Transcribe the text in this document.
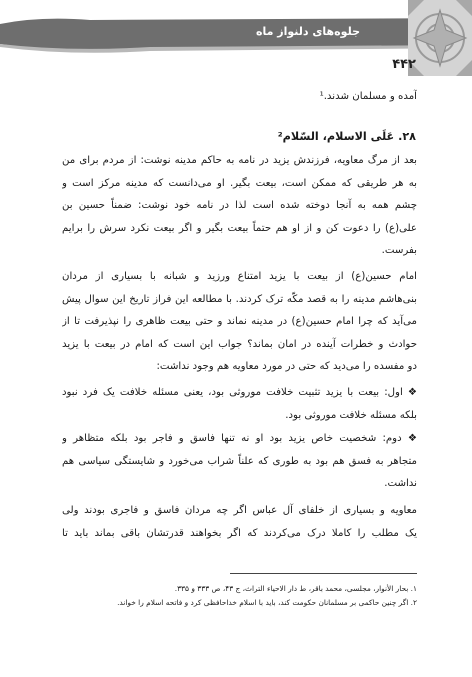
جلوه‌های دلنواز ماه
۴۴۲
آمده و مسلمان شدند.¹
۲۸. عَلَی الاسلام، السّلام²
بعد از مرگ معاویه، فرزندش یزید در نامه به حاکم مدینه نوشت: از مردم برای من
به هر طریقی که ممکن است، بیعت بگیر. او می‌دانست که مدینه مرکز است و
چشم همه به آنجا دوخته شده است لذا در نامه خود نوشت: ضمناً حسین بن
علی(ع) را دعوت کن و از او هم حتماً بیعت بگیر و اگر بیعت نکرد سرش را برایم
بفرست.
امام حسین(ع) از بیعت با یزید امتناع ورزید و شبانه با بسیاری از مردان
بنی‌هاشم مدینه را به قصد مکّه ترک کردند. با مطالعه این فراز تاریخ این سوال پیش
می‌آید که چرا امام حسین(ع) در مدینه نماند و حتی بیعت ظاهری را نپذیرفت تا از
حوادث و خطرات آینده در امان بماند؟ جواب این است که امام در بیعت با یزید
دو مفسده را می‌دید که حتی در مورد معاویه هم وجود نداشت:
❖ اول: بیعت با یزید تثبیت خلافت موروثی بود، یعنی مسئله خلافت یک فرد نبود
بلکه مسئله خلافت موروثی بود.
❖ دوم: شخصیت خاص یزید بود او نه تنها فاسق و فاجر بود بلکه متظاهر و
متجاهر به فسق هم بود به طوری که علناً شراب می‌خورد و شایستگی سیاسی هم
نداشت.
معاویه و بسیاری از خلفای آل عباس اگر چه مردان فاسق و فاجری بودند ولی
یک مطلب را کاملا درک می‌کردند که اگر بخواهند قدرتشان باقی بماند باید تا
۱. بحار الأنوار، مجلسی، محمد باقر، ط دار الاحیاء التراث، ج ۴۳، ص ۳۳۳ و ۳۳۵.
۲. اگر چنین حاکمی بر مسلمانان حکومت کند، باید با اسلام خداحافظی کرد و فاتحه اسلام را خواند.
